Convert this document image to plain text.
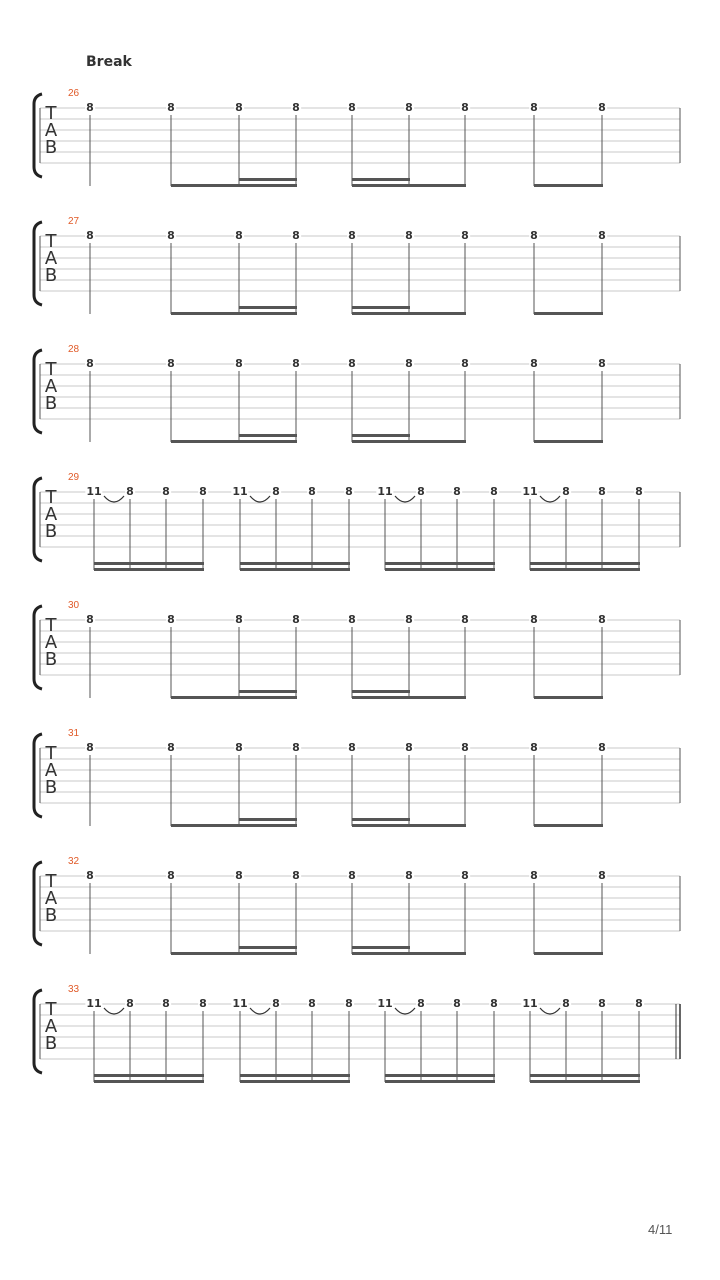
Break
26
T
A
B
8	8	8	8	8	8	8	8	8
27
T
A
B
8	8	8	8	8	8	8	8	8
28
T
A
B
8	8	8	8	8	8	8	8	8
29
T
A
B
11 8	8	8 11 8	8	8 11 8	8	8 11 8	8	8
30
T
A
B
8	8	8	8	8	8	8	8	8
31
T
A
B
8	8	8	8	8	8	8	8	8
32
T
A
B
8	8	8	8	8	8	8	8	8
33
T
A
B
11 8	8	8 11 8	8	8 11 8	8	8 11 8	8	8
4/11
